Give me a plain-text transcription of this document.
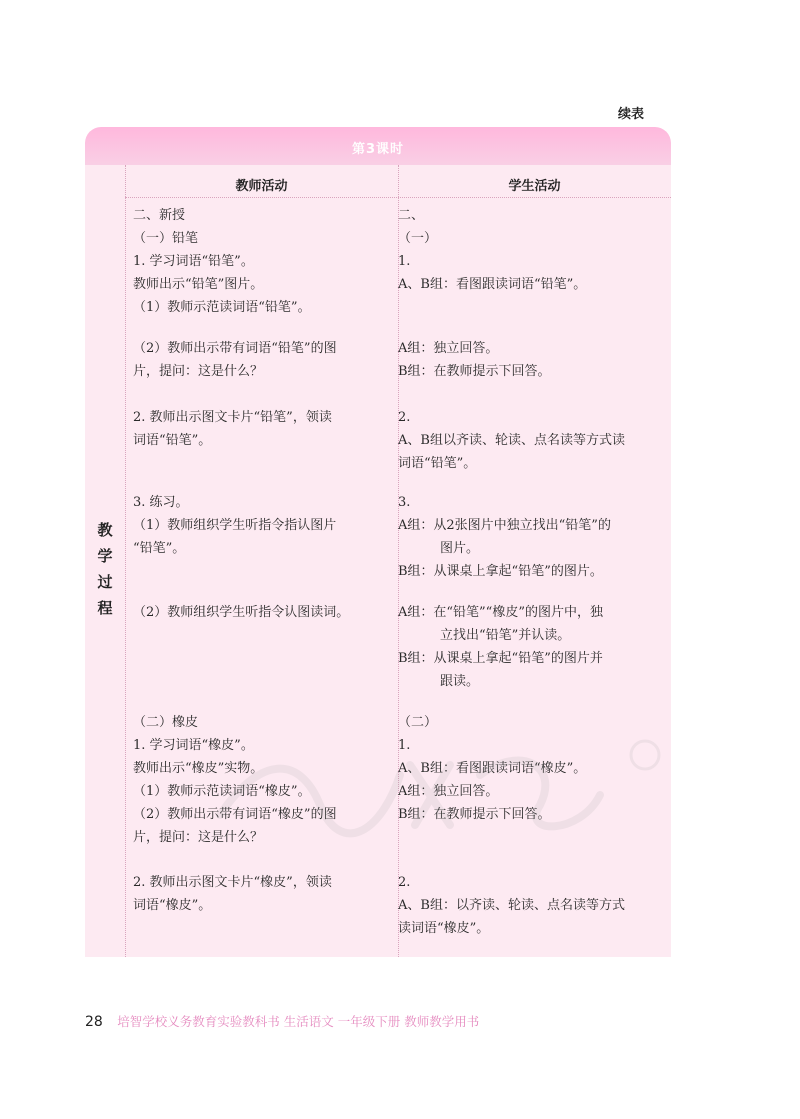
续表
第3课时
教师活动	学生活动
教
学
过
程
二、新授
（一）铅笔
1. 学习词语“铅笔”。
教师出示“铅笔”图片。
（1）教师示范读词语“铅笔”。
（2）教师出示带有词语“铅笔”的图
片，提问：这是什么？
2. 教师出示图文卡片“铅笔”，领读
词语“铅笔”。
3. 练习。
（1）教师组织学生听指令指认图片
“铅笔”。
（2）教师组织学生听指令认图读词。
（二）橡皮
1. 学习词语“橡皮”。
教师出示“橡皮”实物。
（1）教师示范读词语“橡皮”。
（2）教师出示带有词语“橡皮”的图
片，提问：这是什么？
2. 教师出示图文卡片“橡皮”，领读
词语“橡皮”。
二、
（一）
1.
A、B组：看图跟读词语“铅笔”。
A组：独立回答。
B组：在教师提示下回答。
2.
A、B组以齐读、轮读、点名读等方式读
词语“铅笔”。
3.
A组：从2张图片中独立找出“铅笔”的
图片。
B组：从课桌上拿起“铅笔”的图片。
A组：在“铅笔”“橡皮”的图片中，独
立找出“铅笔”并认读。
B组：从课桌上拿起“铅笔”的图片并
跟读。
（二）
1.
A、B组：看图跟读词语“橡皮”。
A组：独立回答。
B组：在教师提示下回答。
2.
A、B组：以齐读、轮读、点名读等方式
读词语“橡皮”。
28 培智学校义务教育实验教科书 生活语文 一年级下册 教师教学用书
